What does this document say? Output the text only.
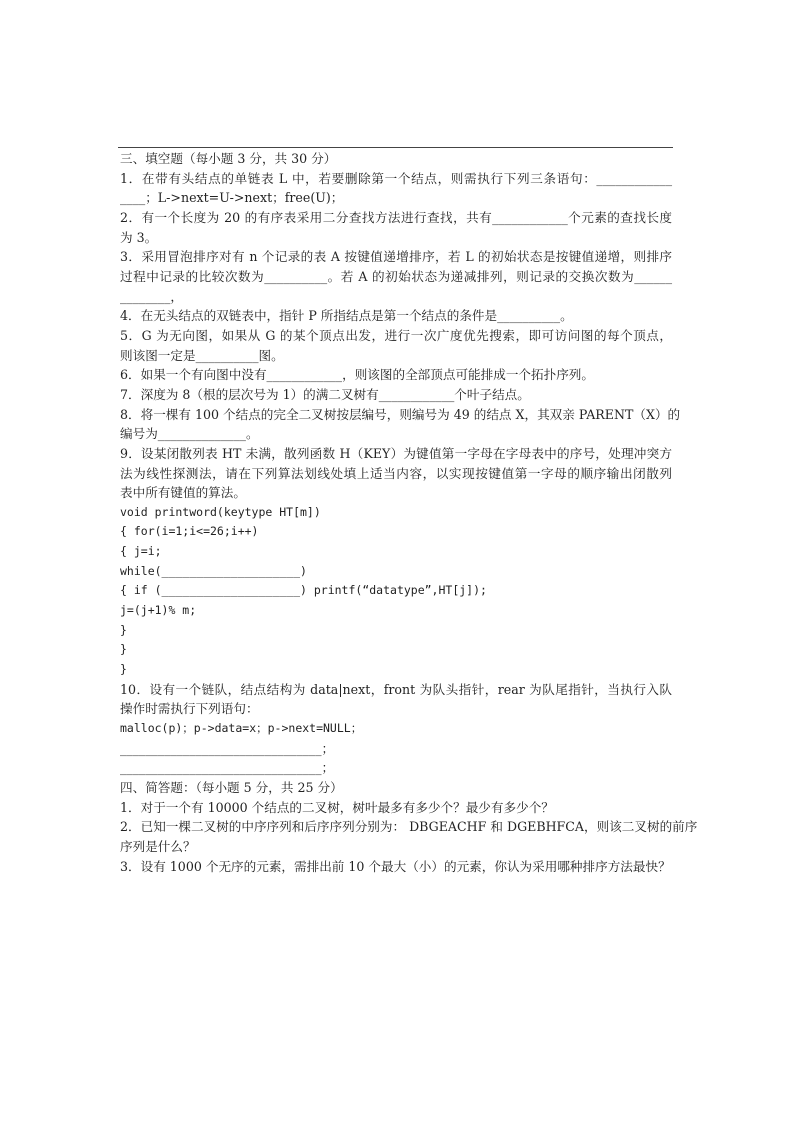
三、填空题（每小题 3 分，共 30 分）
1．在带有头结点的单链表 L 中，若要删除第一个结点，则需执行下列三条语句：____________
____；L->next=U->next；free(U)；
2．有一个长度为 20 的有序表采用二分查找方法进行查找，共有____________个元素的查找长度
为 3。
3．采用冒泡排序对有 n 个记录的表 A 按键值递增排序，若 L 的初始状态是按键值递增，则排序
过程中记录的比较次数为__________。若 A 的初始状态为递减排列，则记录的交换次数为______
________，
4．在无头结点的双链表中，指针 P 所指结点是第一个结点的条件是__________。
5．G 为无向图，如果从 G 的某个顶点出发，进行一次广度优先搜索，即可访问图的每个顶点，
则该图一定是__________图。
6．如果一个有向图中没有____________，则该图的全部顶点可能排成一个拓扑序列。
7．深度为 8（根的层次号为 1）的满二叉树有____________个叶子结点。
8．将一棵有 100 个结点的完全二叉树按层编号，则编号为 49 的结点 X，其双亲 PARENT（X）的
编号为______________。
9．设某闭散列表 HT 未满，散列函数 H（KEY）为键值第一字母在字母表中的序号，处理冲突方
法为线性探测法，请在下列算法划线处填上适当内容，以实现按键值第一字母的顺序输出闭散列
表中所有键值的算法。
void printword(keytype HT[m])
{ for(i=1;i<=26;i++)
{ j=i;
while(____________________)
{ if (____________________) printf(“datatype”,HT[j]);
j=(j+1)% m;
}
}
}
10．设有一个链队，结点结构为 data|next，front 为队头指针，rear 为队尾指针，当执行入队
操作时需执行下列语句：
malloc(p)；p->data=x；p->next=NULL；
________________________________；
________________________________；
四、简答题：（每小题 5 分，共 25 分）
1．对于一个有 10000 个结点的二叉树，树叶最多有多少个？最少有多少个？
2．已知一棵二叉树的中序序列和后序序列分别为： DBGEACHF 和 DGEBHFCA，则该二叉树的前序
序列是什么？
3．设有 1000 个无序的元素，需排出前 10 个最大（小）的元素，你认为采用哪种排序方法最快？
